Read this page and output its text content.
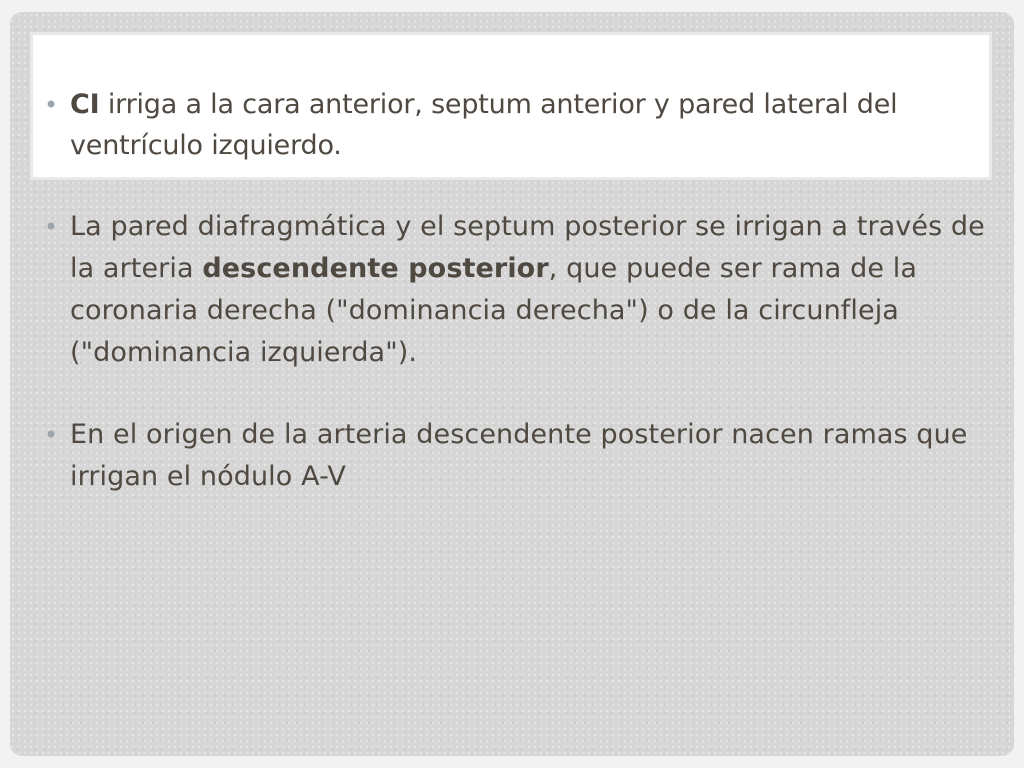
• CI irriga a la cara anterior, septum anterior y pared lateral del ventrículo izquierdo.
• La pared diafragmática y el septum posterior se irrigan a través de la arteria descendente posterior, que puede ser rama de la coronaria derecha ("dominancia derecha") o de la circunfleja ("dominancia izquierda").
• En el origen de la arteria descendente posterior nacen ramas que irrigan el nódulo A-V
